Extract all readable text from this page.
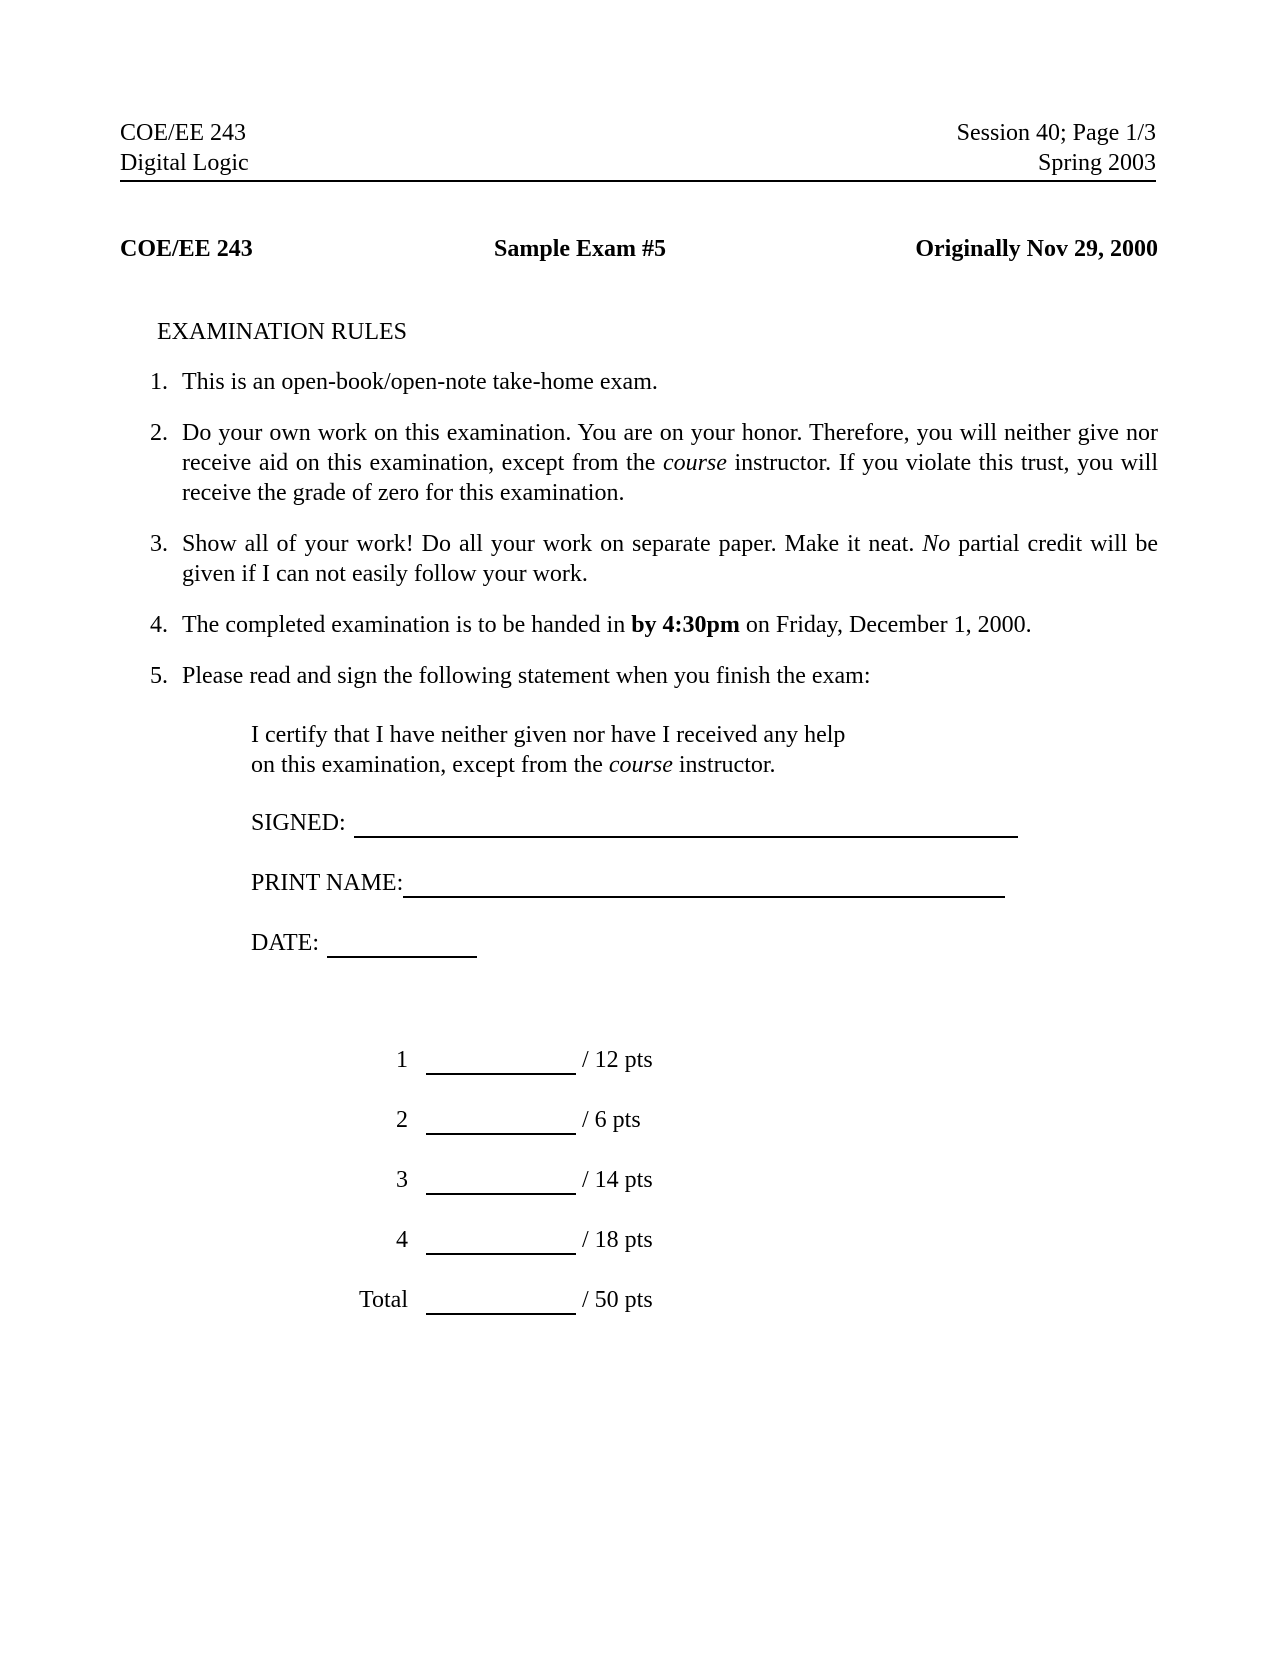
COE/EE 243
Digital Logic
Session 40; Page 1/3
Spring 2003
COE/EE 243	Sample Exam #5	Originally Nov 29, 2000
EXAMINATION RULES
1. This is an open-book/open-note take-home exam.
2. Do your own work on this examination. You are on your honor. Therefore, you will neither give nor receive aid on this examination, except from the course instructor. If you violate this trust, you will receive the grade of zero for this examination.
3. Show all of your work! Do all your work on separate paper. Make it neat. No partial credit will be given if I can not easily follow your work.
4. The completed examination is to be handed in by 4:30pm on Friday, December 1, 2000.
5. Please read and sign the following statement when you finish the exam:
I certify that I have neither given nor have I received any help
on this examination, except from the course instructor.
SIGNED:
PRINT NAME:
DATE:
1	/ 12 pts
2	/ 6 pts
3	/ 14 pts
4	/ 18 pts
Total	/ 50 pts
